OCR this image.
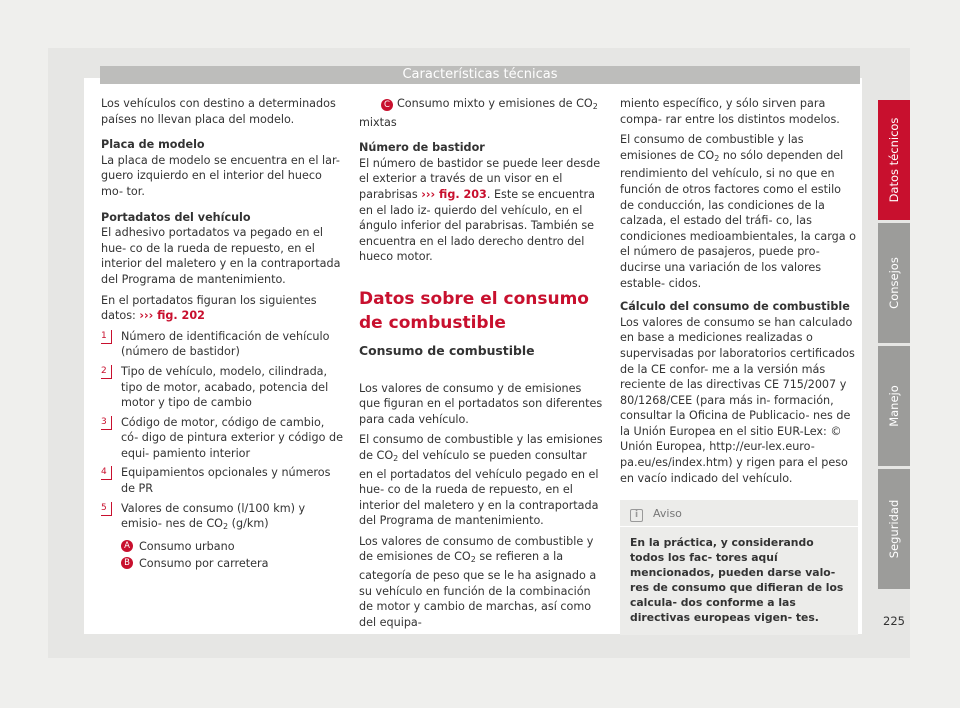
Características técnicas

Los vehículos con destino a determinados países no llevan placa del modelo.

Placa de modelo

La placa de modelo se encuentra en el lar- guero izquierdo en el interior del hueco mo- tor.

Portadatos del vehículo

El adhesivo portadatos va pegado en el hue- co de la rueda de repuesto, en el interior del maletero y en la contraportada del Programa de mantenimiento.

En el portadatos figuran los siguientes datos: ››› fig. 202

1	Número de identificación de vehículo (número de bastidor)
2	Tipo de vehículo, modelo, cilindrada, tipo de motor, acabado, potencia del motor y tipo de cambio
3	Código de motor, código de cambio, có- digo de pintura exterior y código de equi- pamiento interior
4	Equipamientos opcionales y números de PR
5	Valores de consumo (l/100 km) y emisio- nes de $CO_2$ (g/km)
A Consumo urbano
B Consumo por carretera

C Consumo mixto y emisiones de $CO_2$ mixtas

Número de bastidor

El número de bastidor se puede leer desde el exterior a través de un visor en el parabrisas ››› fig. 203. Este se encuentra en el lado iz- quierdo del vehículo, en el ángulo inferior del parabrisas. También se encuentra en el lado derecho dentro del hueco motor.

Datos sobre el consumo de combustible
Consumo de combustible

Los valores de consumo y de emisiones que figuran en el portadatos son diferentes para cada vehículo.

El consumo de combustible y las emisiones de $CO_2$ del vehículo se pueden consultar en el portadatos del vehículo pegado en el hue- co de la rueda de repuesto, en el interior del maletero y en la contraportada del Programa de mantenimiento.

Los valores de consumo de combustible y de emisiones de $CO_2$ se refieren a la categoría de peso que se le ha asignado a su vehículo en función de la combinación de motor y cambio de marchas, así como del equipa-

miento específico, y sólo sirven para compa- rar entre los distintos modelos.

El consumo de combustible y las emisiones de $CO_2$ no sólo dependen del rendimiento del vehículo, si no que en función de otros factores como el estilo de conducción, las condiciones de la calzada, el estado del tráfi- co, las condiciones medioambientales, la carga o el número de pasajeros, puede pro- ducirse una variación de los valores estable- cidos.

Cálculo del consumo de combustible

Los valores de consumo se han calculado en base a mediciones realizadas o supervisadas por laboratorios certificados de la CE confor- me a la versión más reciente de las directivas CE 715/2007 y 80/1268/CEE (para más in- formación, consultar la Oficina de Publicacio- nes de la Unión Europea en el sitio EUR-Lex: © Unión Europea, http://eur-lex.euro- pa.eu/es/index.htm) y rigen para el peso en vacío indicado del vehículo.

i Aviso
En la práctica, y considerando todos los fac- tores aquí mencionados, pueden darse valo- res de consumo que difieran de los calcula- dos conforme a las directivas europeas vigen- tes.
Datos técnicos
Consejos
Manejo
Seguridad
225
